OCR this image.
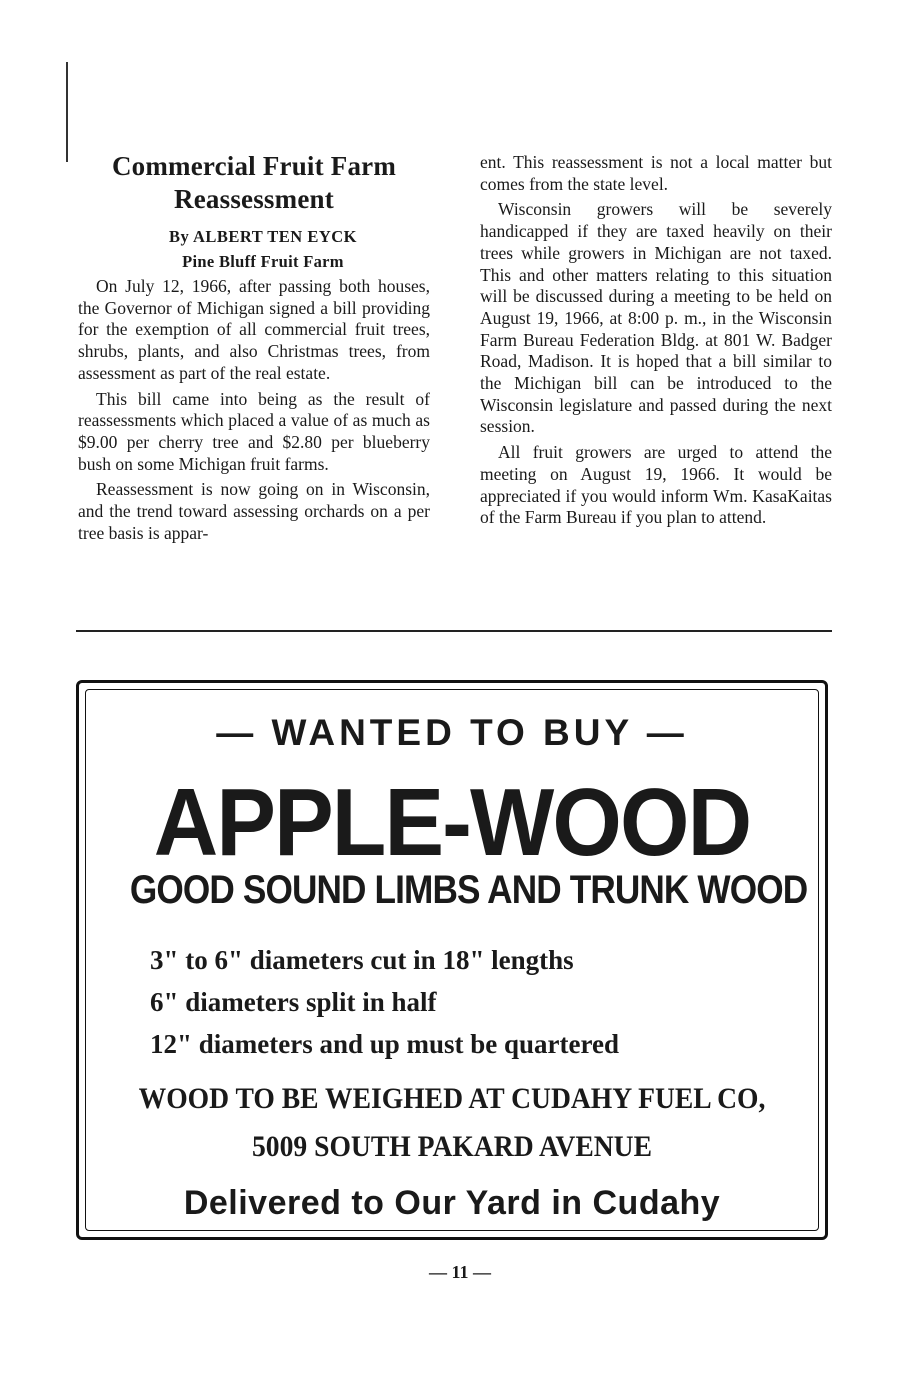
Commercial Fruit Farm
Reassessment

By ALBERT TEN EYCK

Pine Bluff Fruit Farm

On July 12, 1966, after passing both houses, the Governor of Michigan signed a bill providing for the exemption of all commercial fruit trees, shrubs, plants, and also Christmas trees, from assessment as part of the real estate.

This bill came into being as the result of reassessments which placed a value of as much as $9.00 per cherry tree and $2.80 per blueberry bush on some Michigan fruit farms.

Reassessment is now going on in Wisconsin, and the trend toward assessing orchards on a per tree basis is appar-

ent. This reassessment is not a local matter but comes from the state level.

Wisconsin growers will be severely handicapped if they are taxed heavily on their trees while growers in Michigan are not taxed. This and other matters relating to this situation will be discussed during a meeting to be held on August 19, 1966, at 8:00 p. m., in the Wisconsin Farm Bureau Federation Bldg. at 801 W. Badger Road, Madison. It is hoped that a bill similar to the Michigan bill can be introduced to the Wisconsin legislature and passed during the next session.

All fruit growers are urged to attend the meeting on August 19, 1966. It would be appreciated if you would inform Wm. KasaKaitas of the Farm Bureau if you plan to attend.

— WANTED TO BUY —

APPLE-WOOD

GOOD SOUND LIMBS AND TRUNK WOOD

3" to 6" diameters cut in 18" lengths

6" diameters split in half

12" diameters and up must be quartered

WOOD TO BE WEIGHED AT CUDAHY FUEL CO,

5009 SOUTH PAKARD AVENUE

Delivered to Our Yard in Cudahy

— 11 —
